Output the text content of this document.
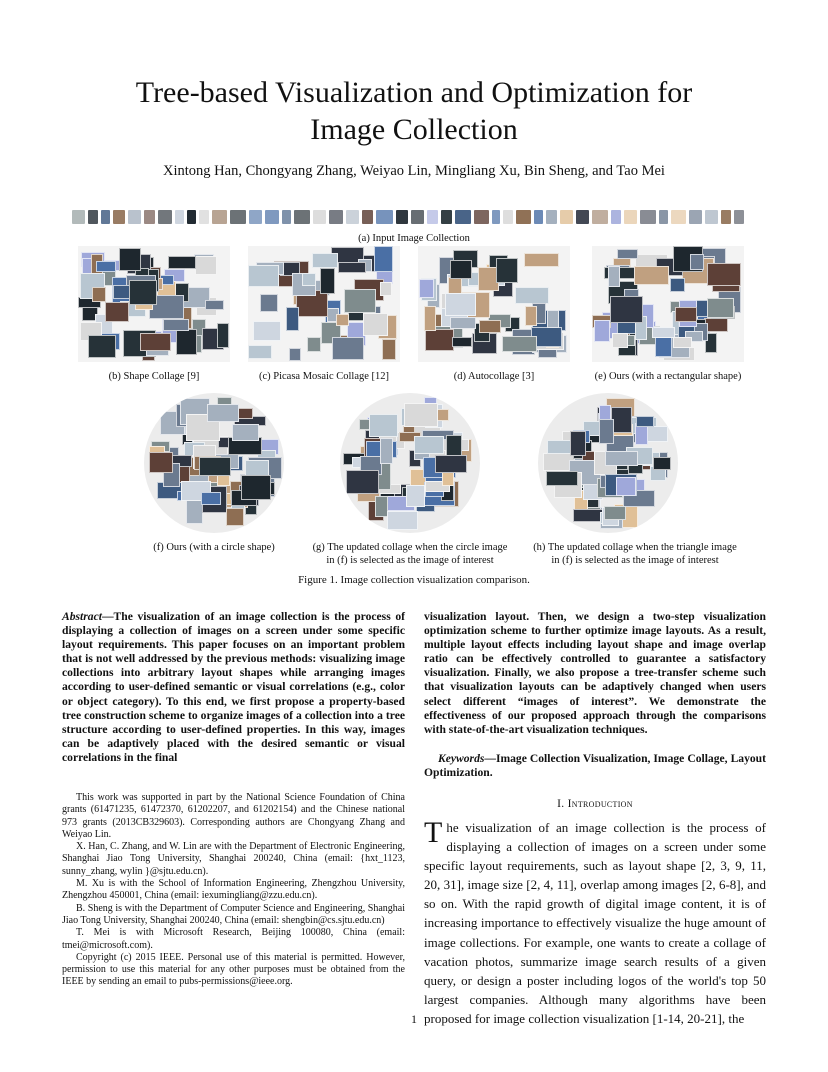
Tree-based Visualization and Optimization for
Image Collection
Xintong Han, Chongyang Zhang, Weiyao Lin, Mingliang Xu, Bin Sheng, and Tao Mei
(a) Input Image Collection
(b) Shape Collage [9]	(c) Picasa Mosaic Collage [12]	(d) Autocollage [3]	(e) Ours (with a rectangular shape)
(f) Ours (with a circle shape)	(g) The updated collage when the circle image
in (f) is selected as the image of interest
(h) The updated collage when the triangle image
in (f) is selected as the image of interest
Figure 1. Image collection visualization comparison.
Abstract—The visualization of an image collection is the process of displaying a collection of images on a screen under some specific layout requirements. This paper focuses on an important problem that is not well addressed by the previous methods: visualizing image collections into arbitrary layout shapes while arranging images according to user-defined semantic or visual correlations (e.g., color or object category). To this end, we first propose a property-based tree construction scheme to organize images of a collection into a tree structure according to user-defined properties. In this way, images can be adaptively placed with the desired semantic or visual correlations in the final
visualization layout. Then, we design a two-step visualization optimization scheme to further optimize image layouts. As a result, multiple layout effects including layout shape and image overlap ratio can be effectively controlled to guarantee a satisfactory visualization. Finally, we also propose a tree-transfer scheme such that visualization layouts can be adaptively changed when users select different “images of interest”. We demonstrate the effectiveness of our proposed approach through the comparisons with state-of-the-art visualization techniques.
Keywords—Image Collection Visualization, Image Collage, Layout Optimization.

This work was supported in part by the National Science Foundation of China grants (61471235, 61472370, 61202207, and 61202154) and the Chinese national 973 grants (2013CB329603). Corresponding authors are Chongyang Zhang and Weiyao Lin.

X. Han, C. Zhang, and W. Lin are with the Department of Electronic Engineering, Shanghai Jiao Tong University, Shanghai 200240, China (email: {hxt_1123, sunny_zhang, wylin }@sjtu.edu.cn).

M. Xu is with the School of Information Engineering, Zhengzhou University, Zhengzhou 450001, China (email: iexumingliang@zzu.edu.cn).

B. Sheng is with the Department of Computer Science and Engineering, Shanghai Jiao Tong University, Shanghai 200240, China (email: shengbin@cs.sjtu.edu.cn)

T. Mei is with Microsoft Research, Beijing 100080, China (email: tmei@microsoft.com).

Copyright (c) 2015 IEEE. Personal use of this material is permitted. However, permission to use this material for any other purposes must be obtained from the IEEE by sending an email to pubs-permissions@ieee.org.

I. Introduction
The visualization of an image collection is the process of displaying a collection of images on a screen under some specific layout requirements, such as layout shape [2, 3, 9, 11, 20, 31], image size [2, 4, 11], overlap among images [2, 6-8], and so on. With the rapid growth of digital image content, it is of increasing importance to effectively visualize the huge amount of image collections. For example, one wants to create a collage of vacation photos, summarize image search results of a given query, or design a poster including logos of the world's top 50 largest companies. Although many algorithms have been proposed for image collection visualization [1-14, 20-21], the
1
